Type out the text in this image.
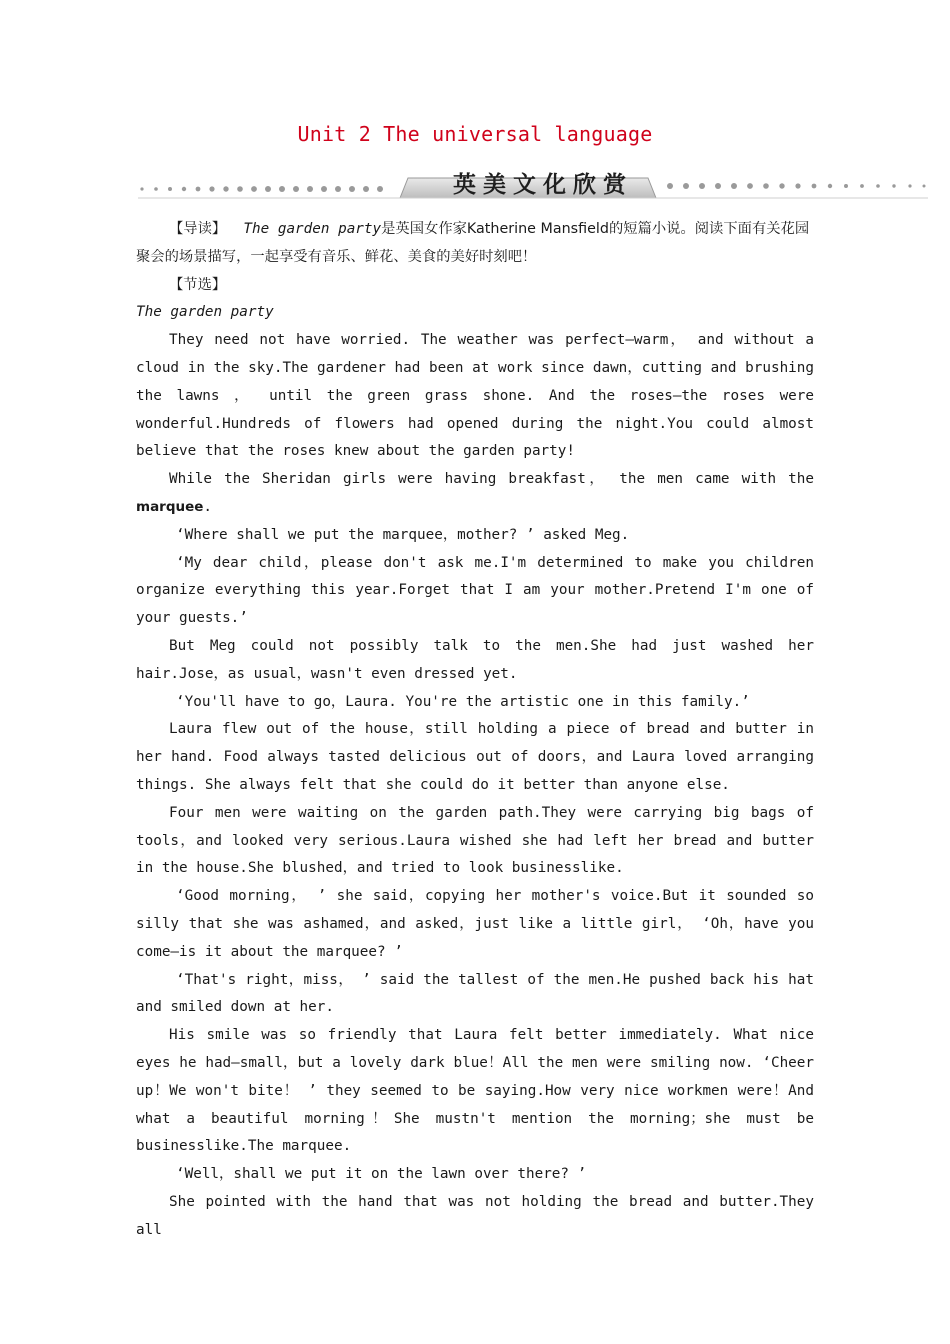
Unit 2 The universal language
英美文化欣赏

【导读】 The garden party是英国女作家Katherine Mansfield的短篇小说。阅读下面有关花园聚会的场景描写，一起享受有音乐、鲜花、美食的美好时刻吧！

【节选】

The garden party

They need not have worried. The weather was perfect—warm， and without a cloud in the sky.The gardener had been at work since dawn，cutting and brushing the lawns ， until the green grass shone. And the roses—the roses were wonderful.Hundreds of flowers had opened during the night.You could almost believe that the roses knew about the garden party!

While the Sheridan girls were having breakfast， the men came with the marquee.

‘Where shall we put the marquee，mother? ’ asked Meg.

‘My dear child，please don't ask me.I'm determined to make you children organize everything this year.Forget that I am your mother.Pretend I'm one of your guests.’

But Meg could not possibly talk to the men.She had just washed her hair.Jose，as usual，wasn't even dressed yet.

‘You'll have to go，Laura. You're the artistic one in this family.’

Laura flew out of the house，still holding a piece of bread and butter in her hand. Food always tasted delicious out of doors，and Laura loved arranging things. She always felt that she could do it better than anyone else.

Four men were waiting on the garden path.They were carrying big bags of tools，and looked very serious.Laura wished she had left her bread and butter in the house.She blushed，and tried to look businesslike.

‘Good morning， ’ she said，copying her mother's voice.But it sounded so silly that she was ashamed，and asked，just like a little girl， ‘Oh，have you come—is it about the marquee? ’

‘That's right，miss， ’ said the tallest of the men.He pushed back his hat and smiled down at her.

His smile was so friendly that Laura felt better immediately. What nice eyes he had—small，but a lovely dark blue！All the men were smiling now. ‘Cheer up！We won't bite！ ’ they seemed to be saying.How very nice workmen were！And what a beautiful morning！She mustn't mention the morning；she must be businesslike.The marquee.

‘Well，shall we put it on the lawn over there? ’

She pointed with the hand that was not holding the bread and butter.They all
